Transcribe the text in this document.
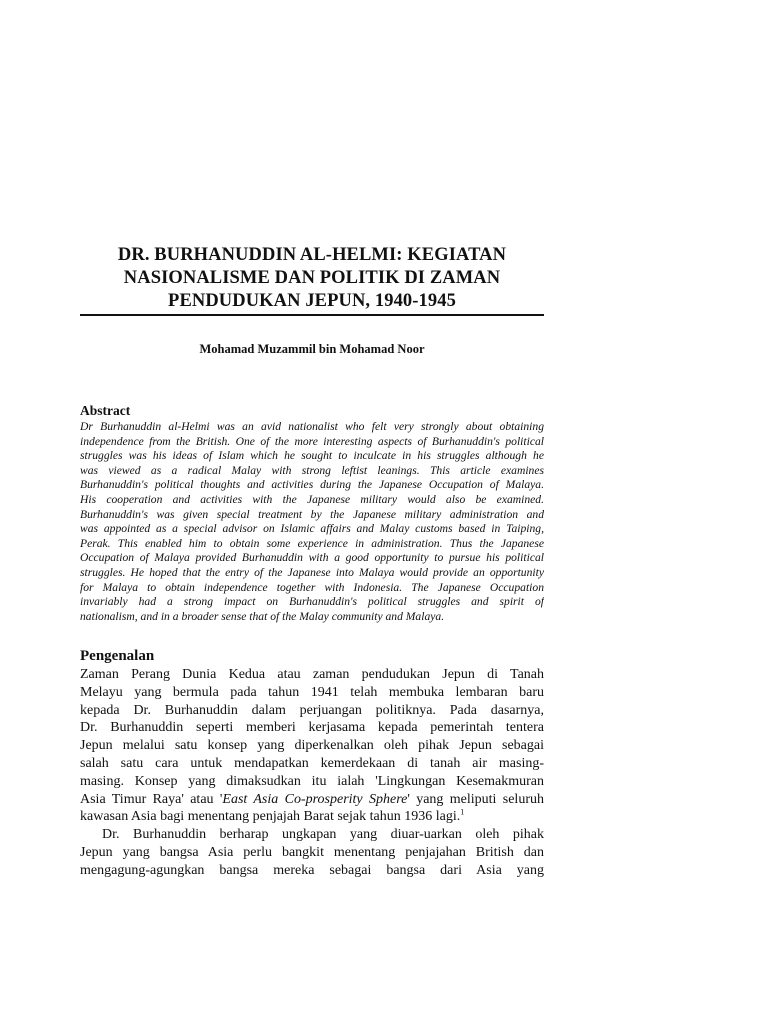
DR. BURHANUDDIN AL-HELMI: KEGIATAN
NASIONALISME DAN POLITIK DI ZAMAN
PENDUDUKAN JEPUN, 1940-1945

Mohamad Muzammil bin Mohamad Noor

Abstract
Dr Burhanuddin al-Helmi was an avid nationalist who felt very strongly about obtaining
independence from the British. One of the more interesting aspects of Burhanuddin's political
struggles was his ideas of Islam which he sought to inculcate in his struggles although he
was viewed as a radical Malay with strong leftist leanings. This article examines
Burhanuddin's political thoughts and activities during the Japanese Occupation of Malaya.
His cooperation and activities with the Japanese military would also be examined.
Burhanuddin's was given special treatment by the Japanese military administration and
was appointed as a special advisor on Islamic affairs and Malay customs based in Taiping,
Perak. This enabled him to obtain some experience in administration. Thus the Japanese
Occupation of Malaya provided Burhanuddin with a good opportunity to pursue his political
struggles. He hoped that the entry of the Japanese into Malaya would provide an opportunity
for Malaya to obtain independence together with Indonesia. The Japanese Occupation
invariably had a strong impact on Burhanuddin's political struggles and spirit of
nationalism, and in a broader sense that of the Malay community and Malaya.
Pengenalan
Zaman Perang Dunia Kedua atau zaman pendudukan Jepun di Tanah
Melayu yang bermula pada tahun 1941 telah membuka lembaran baru
kepada Dr. Burhanuddin dalam perjuangan politiknya. Pada dasarnya,
Dr. Burhanuddin seperti memberi kerjasama kepada pemerintah tentera
Jepun melalui satu konsep yang diperkenalkan oleh pihak Jepun sebagai
salah satu cara untuk mendapatkan kemerdekaan di tanah air masing-
masing. Konsep yang dimaksudkan itu ialah 'Lingkungan Kesemakmuran
Asia Timur Raya' atau 'East Asia Co-prosperity Sphere' yang meliputi seluruh
kawasan Asia bagi menentang penjajah Barat sejak tahun 1936 lagi.$^1$
Dr. Burhanuddin berharap ungkapan yang diuar-uarkan oleh pihak
Jepun yang bangsa Asia perlu bangkit menentang penjajahan British dan
mengagung-agungkan bangsa mereka sebagai bangsa dari Asia yang
